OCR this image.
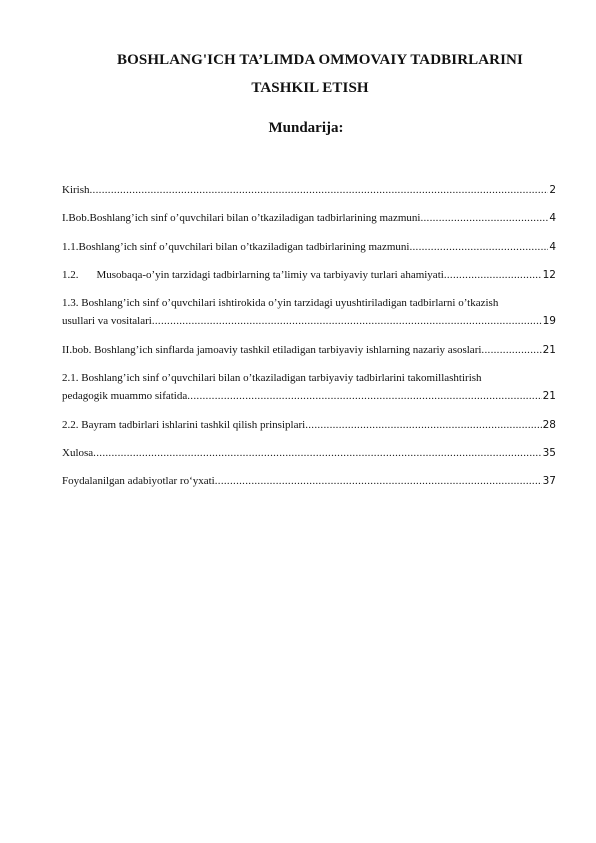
BOSHLANG'ICH TA’LIMDA OMMOVAIY TADBIRLARINI
TASHKIL ETISH
Mundarija:
Kirish .....	2
I.Bob.Boshlang’ich sinf o’quvchilari bilan o’tkaziladigan tadbirlarining mazmuni .....	4
1.1.Boshlang’ich sinf o’quvchilari bilan o’tkaziladigan tadbirlarining mazmuni .....	4
1.2. Musobaqa-o’yin tarzidagi tadbirlarning ta’limiy va tarbiyaviy turlari ahamiyati .....	12
1.3. Boshlang’ich sinf o’quvchilari ishtirokida o’yin tarzidagi uyushtiriladigan tadbirlarni o’tkazish
usullari va vositalari .....	19
II.bob. Boshlang’ich sinflarda jamoaviy tashkil etiladigan tarbiyaviy ishlarning nazariy asoslari .....	21
2.1. Boshlang’ich sinf o’quvchilari bilan o’tkaziladigan tarbiyaviy tadbirlarini takomillashtirish
pedagogik muammo sifatida .....	21
2.2. Bayram tadbirlari ishlarini tashkil qilish prinsiplari .....	28
Xulosa .....	35
Foydalanilgan adabiyotlar ro‘yxati .....	37
